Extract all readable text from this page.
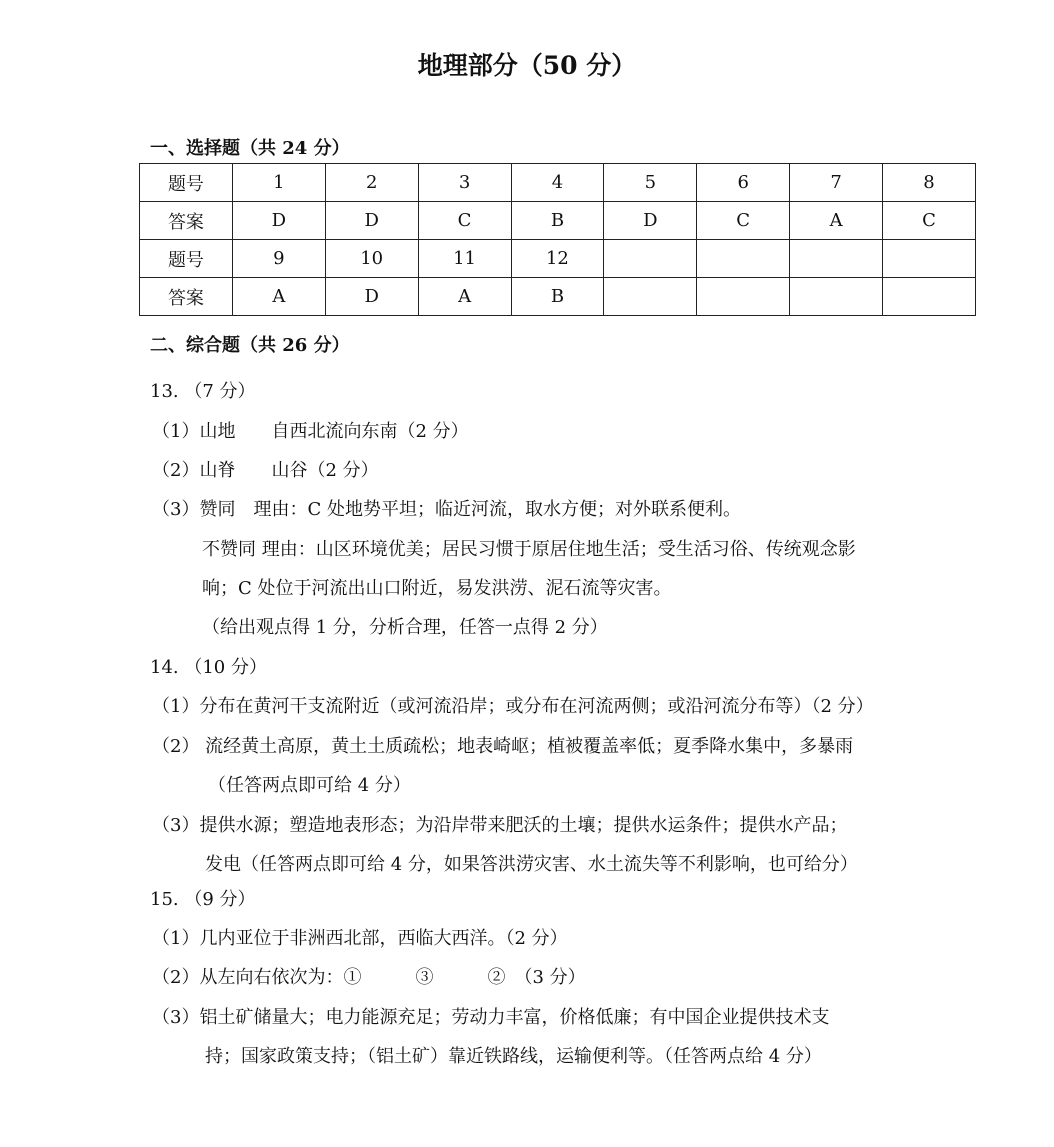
地理部分（50 分）
一、选择题（共 24 分）
题号	1	2	3	4	5	6	7	8
答案	D	D	C	B	D	C	A	C
题号	9	10	11	12				
答案	A	D	A	B				
二、综合题（共 26 分）
13. （7 分）
（1）山地　　自西北流向东南（2 分）
（2）山脊　　山谷（2 分）
（3）赞同　理由：C 处地势平坦；临近河流，取水方便；对外联系便利。
不赞同 理由：山区环境优美；居民习惯于原居住地生活；受生活习俗、传统观念影
响；C 处位于河流出山口附近，易发洪涝、泥石流等灾害。
（给出观点得 1 分，分析合理，任答一点得 2 分）
14. （10 分）
（1）分布在黄河干支流附近（或河流沿岸；或分布在河流两侧；或沿河流分布等）（2 分）
（2） 流经黄土高原，黄土土质疏松；地表崎岖；植被覆盖率低；夏季降水集中，多暴雨
（任答两点即可给 4 分）
（3）提供水源；塑造地表形态；为沿岸带来肥沃的土壤；提供水运条件；提供水产品；
发电（任答两点即可给 4 分，如果答洪涝灾害、水土流失等不利影响，也可给分）
15. （9 分）
（1）几内亚位于非洲西北部，西临大西洋。（2 分）
（2）从左向右依次为：①　　　③　　　②　（3 分）
（3）铝土矿储量大；电力能源充足；劳动力丰富，价格低廉；有中国企业提供技术支
持；国家政策支持；（铝土矿）靠近铁路线，运输便利等。（任答两点给 4 分）
